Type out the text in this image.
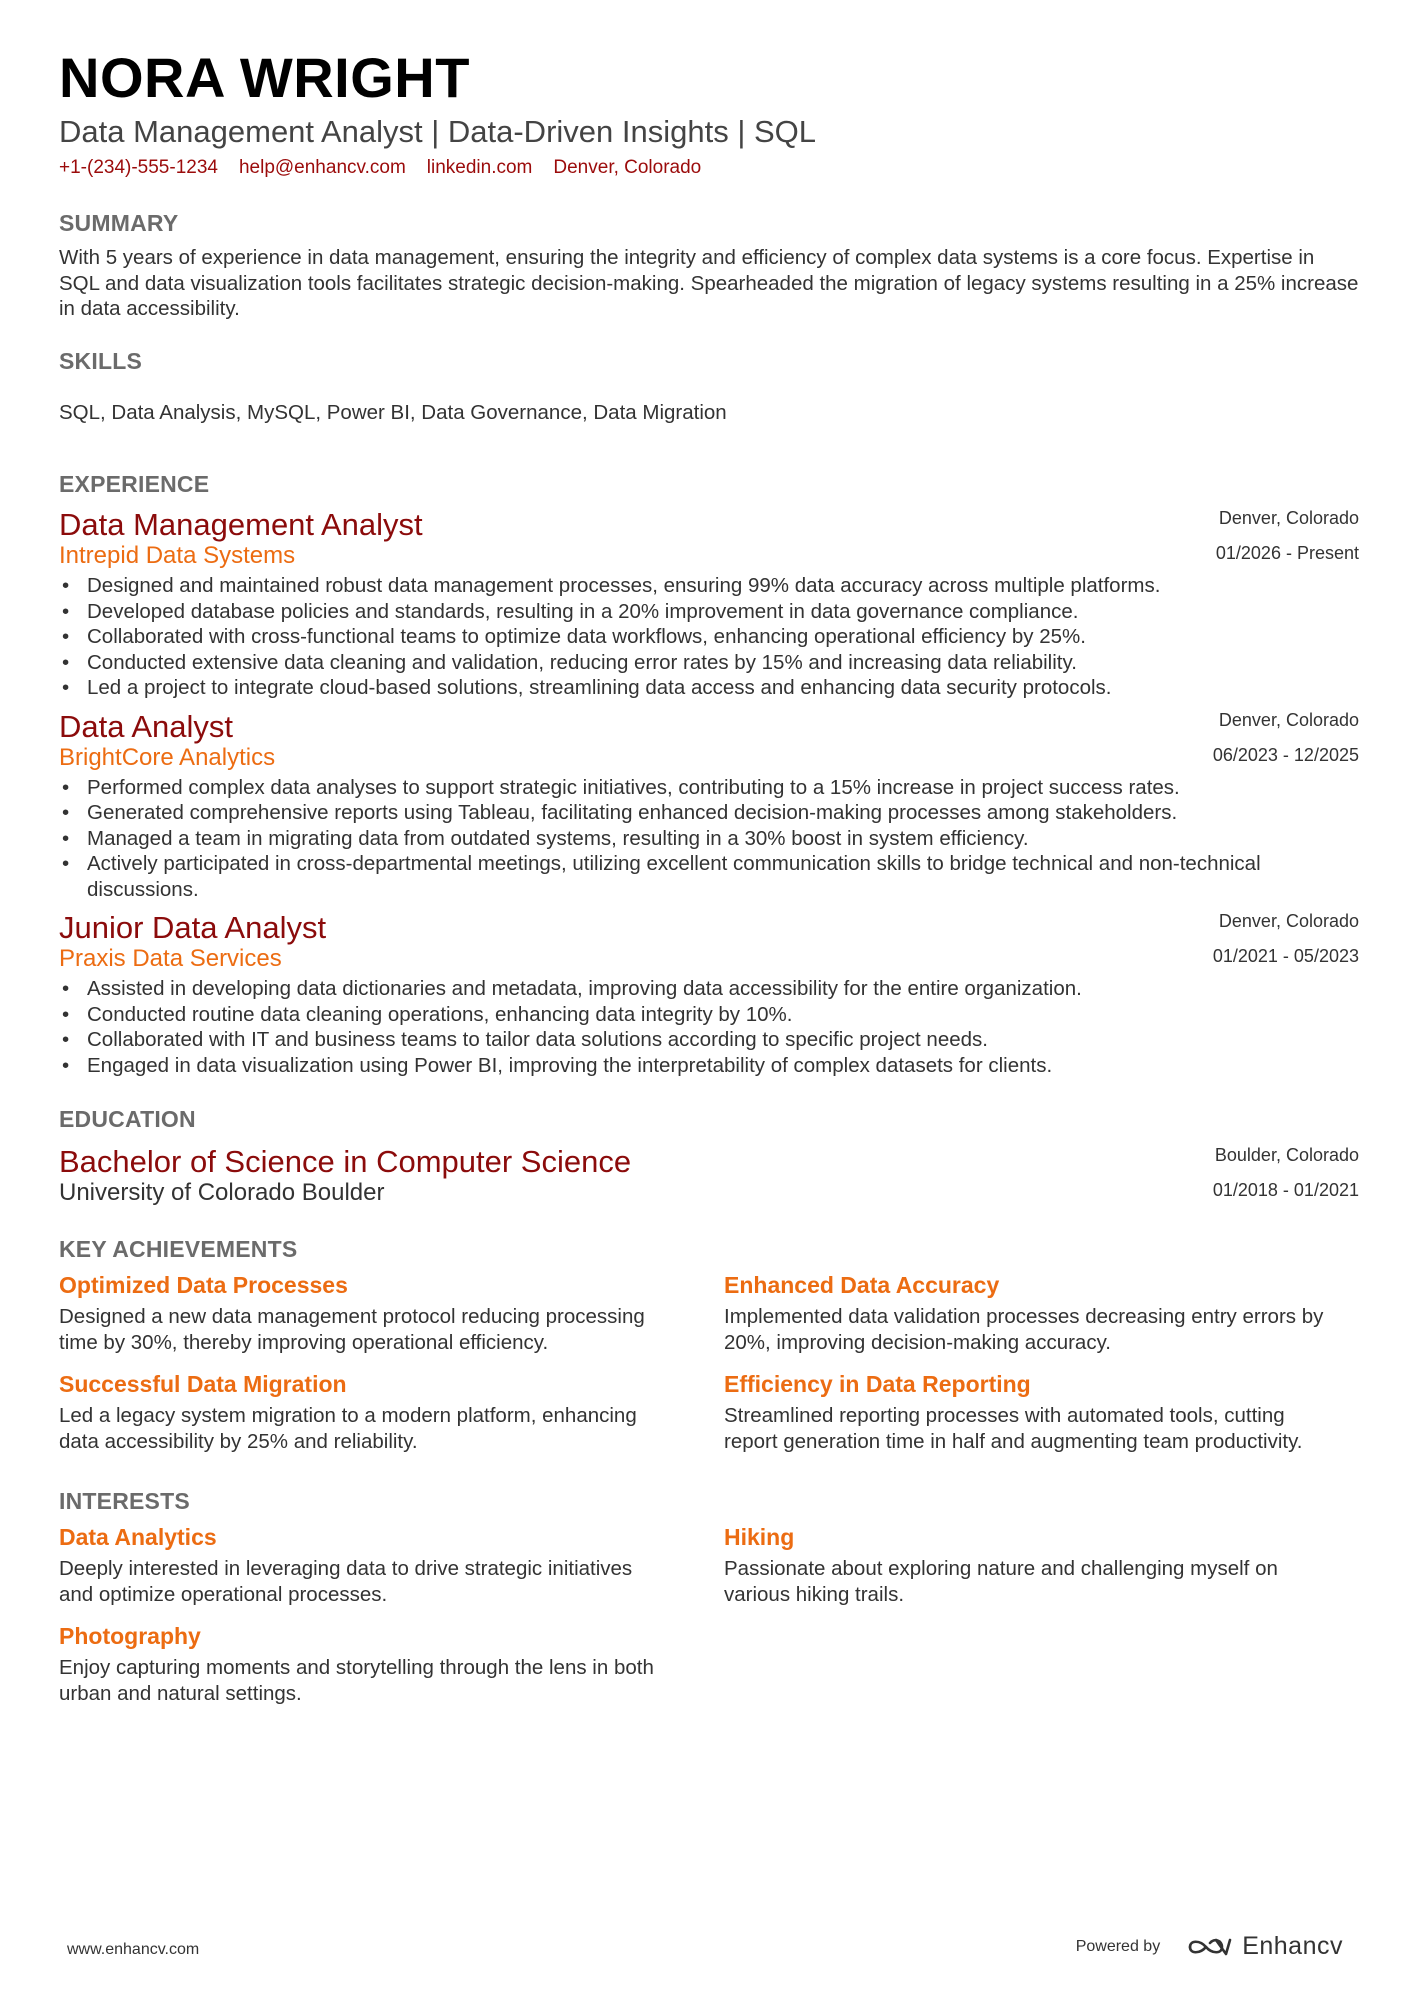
NORA WRIGHT
Data Management Analyst | Data-Driven Insights | SQL
+1-(234)-555-1234 help@enhancv.com linkedin.com Denver, Colorado
SUMMARY
With 5 years of experience in data management, ensuring the integrity and efficiency of complex data systems is a core focus. Expertise in SQL and data visualization tools facilitates strategic decision-making. Spearheaded the migration of legacy systems resulting in a 25% increase in data accessibility.
SKILLS
SQL, Data Analysis, MySQL, Power BI, Data Governance, Data Migration
EXPERIENCE
Data Management Analyst
Intrepid Data Systems
Denver, Colorado
01/2026 - Present
• Designed and maintained robust data management processes, ensuring 99% data accuracy across multiple platforms.
• Developed database policies and standards, resulting in a 20% improvement in data governance compliance.
• Collaborated with cross-functional teams to optimize data workflows, enhancing operational efficiency by 25%.
• Conducted extensive data cleaning and validation, reducing error rates by 15% and increasing data reliability.
• Led a project to integrate cloud-based solutions, streamlining data access and enhancing data security protocols.
Data Analyst
BrightCore Analytics
Denver, Colorado
06/2023 - 12/2025
• Performed complex data analyses to support strategic initiatives, contributing to a 15% increase in project success rates.
• Generated comprehensive reports using Tableau, facilitating enhanced decision-making processes among stakeholders.
• Managed a team in migrating data from outdated systems, resulting in a 30% boost in system efficiency.
• Actively participated in cross-departmental meetings, utilizing excellent communication skills to bridge technical and non-technical discussions.
Junior Data Analyst
Praxis Data Services
Denver, Colorado
01/2021 - 05/2023
• Assisted in developing data dictionaries and metadata, improving data accessibility for the entire organization.
• Conducted routine data cleaning operations, enhancing data integrity by 10%.
• Collaborated with IT and business teams to tailor data solutions according to specific project needs.
• Engaged in data visualization using Power BI, improving the interpretability of complex datasets for clients.
EDUCATION
Bachelor of Science in Computer Science
University of Colorado Boulder
Boulder, Colorado
01/2018 - 01/2021
KEY ACHIEVEMENTS
Optimized Data Processes
Designed a new data management protocol reducing processing time by 30%, thereby improving operational efficiency.
Enhanced Data Accuracy
Implemented data validation processes decreasing entry errors by 20%, improving decision-making accuracy.
Successful Data Migration
Led a legacy system migration to a modern platform, enhancing data accessibility by 25% and reliability.
Efficiency in Data Reporting
Streamlined reporting processes with automated tools, cutting report generation time in half and augmenting team productivity.
INTERESTS
Data Analytics
Deeply interested in leveraging data to drive strategic initiatives and optimize operational processes.
Hiking
Passionate about exploring nature and challenging myself on various hiking trails.
Photography
Enjoy capturing moments and storytelling through the lens in both urban and natural settings.
www.enhancv.com	Powered by	Enhancv
